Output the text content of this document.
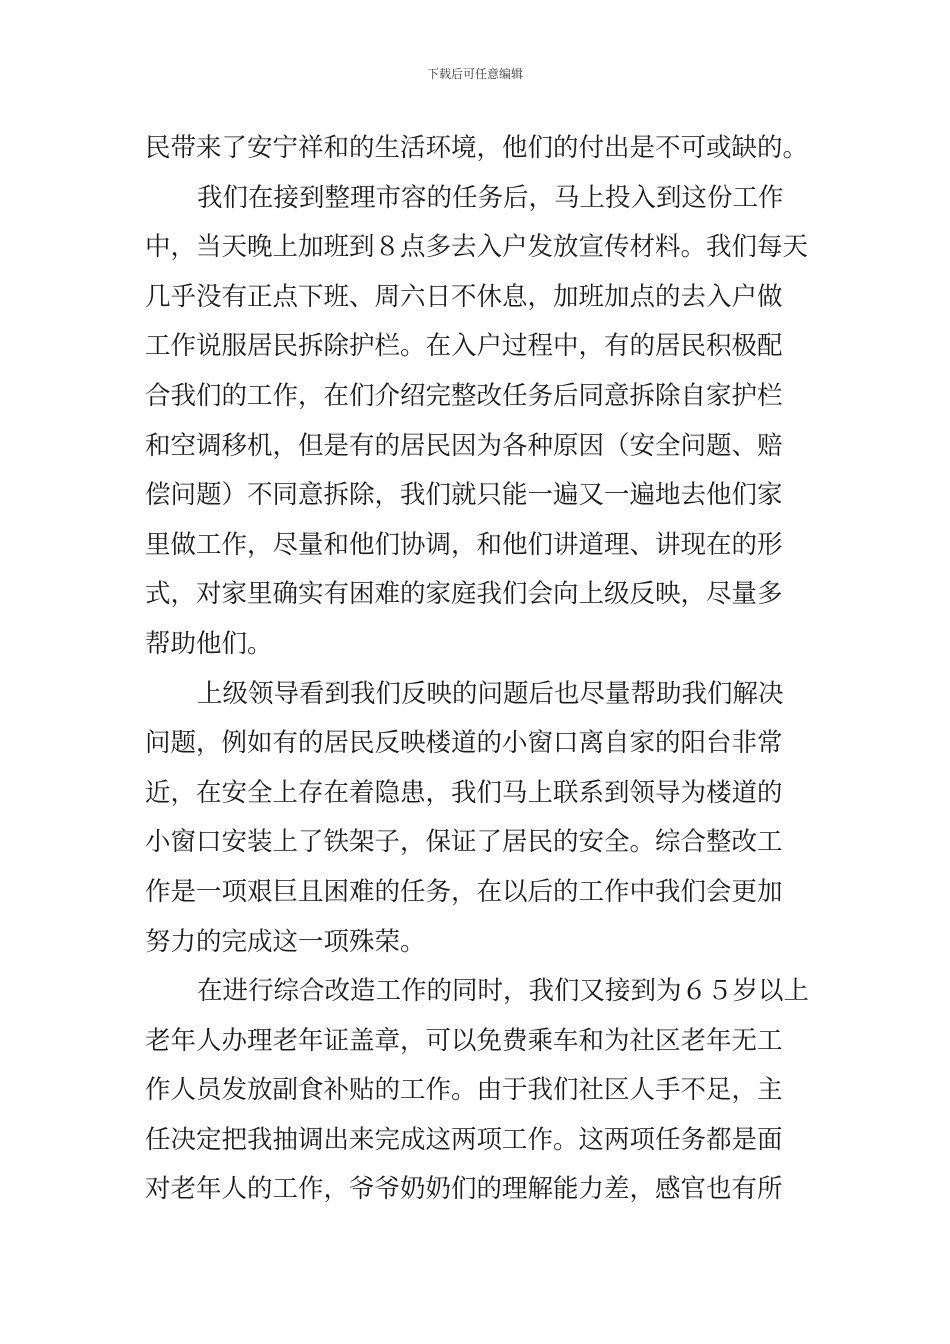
下载后可任意编辑
民带来了安宁祥和的生活环境，他们的付出是不可或缺的。
我们在接到整理市容的任务后，马上投入到这份工作
中，当天晚上加班到８点多去入户发放宣传材料。我们每天
几乎没有正点下班、周六日不休息，加班加点的去入户做
工作说服居民拆除护栏。在入户过程中，有的居民积极配
合我们的工作，在们介绍完整改任务后同意拆除自家护栏
和空调移机，但是有的居民因为各种原因（安全问题、赔
偿问题）不同意拆除，我们就只能一遍又一遍地去他们家
里做工作，尽量和他们协调，和他们讲道理、讲现在的形
式，对家里确实有困难的家庭我们会向上级反映，尽量多
帮助他们。
上级领导看到我们反映的问题后也尽量帮助我们解决
问题，例如有的居民反映楼道的小窗口离自家的阳台非常
近，在安全上存在着隐患，我们马上联系到领导为楼道的
小窗口安装上了铁架子，保证了居民的安全。综合整改工
作是一项艰巨且困难的任务，在以后的工作中我们会更加
努力的完成这一项殊荣。
在进行综合改造工作的同时，我们又接到为６５岁以上
老年人办理老年证盖章，可以免费乘车和为社区老年无工
作人员发放副食补贴的工作。由于我们社区人手不足，主
任决定把我抽调出来完成这两项工作。这两项任务都是面
对老年人的工作，爷爷奶奶们的理解能力差，感官也有所
